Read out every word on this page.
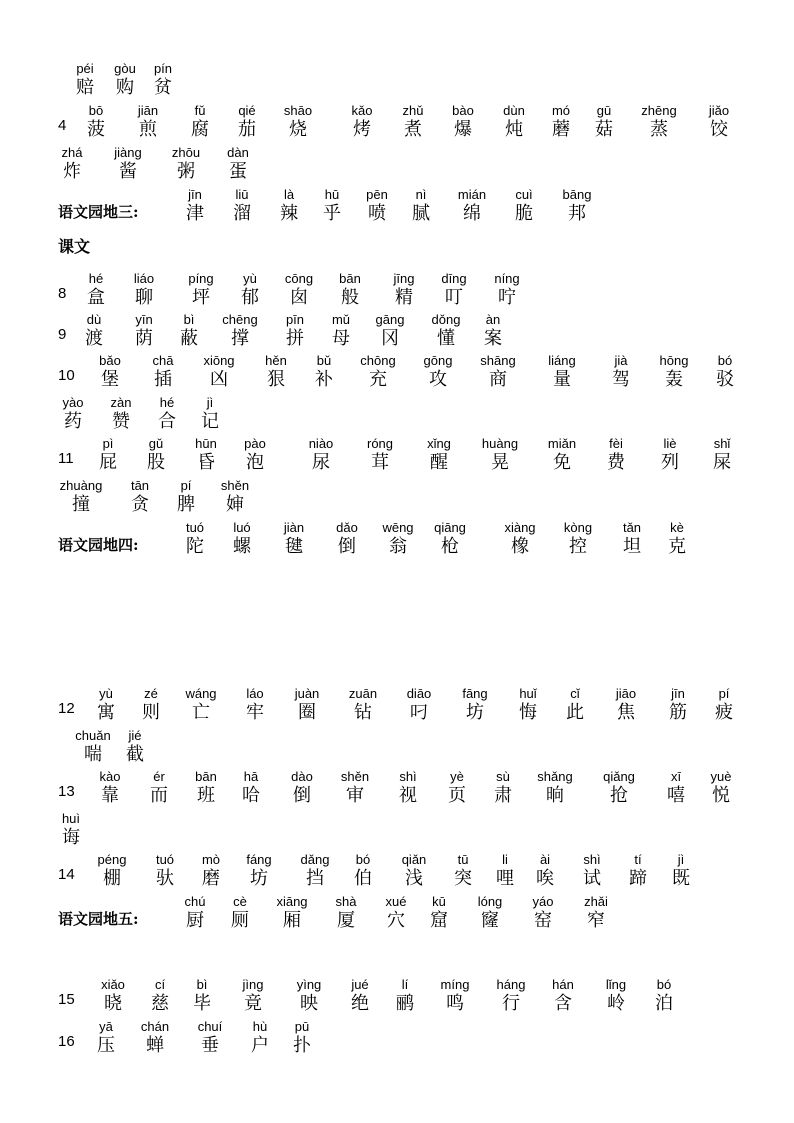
课文
péi
赔
gòu
购
pín
贫
4
bō
菠
jiān
煎
fǔ
腐
qié
茄
shāo
烧
kǎo
烤
zhǔ
煮
bào
爆
dùn
炖
mó
蘑
gū
菇
zhēng
蒸
jiǎo
饺
zhá
炸
jiàng
酱
zhōu
粥
dàn
蛋
语文园地三:
jīn
津
liū
溜
là
辣
hū
乎
pēn
喷
nì
腻
mián
绵
cuì
脆
bāng
邦
8
hé
盒
liáo
聊
píng
坪
yù
郁
cōng
囱
bān
般
jīng
精
dīng
叮
níng
咛
9
dù
渡
yīn
荫
bì
蔽
chēng
撑
pīn
拼
mǔ
母
gāng
冈
dǒng
懂
àn
案
10
bǎo
堡
chā
插
xiōng
凶
hěn
狠
bǔ
补
chōng
充
gōng
攻
shāng
商
liáng
量
jià
驾
hōng
轰
bó
驳
yào
药
zàn
赞
hé
合
jì
记
11
pì
屁
gǔ
股
hūn
昏
pào
泡
niào
尿
róng
茸
xǐng
醒
huàng
晃
miǎn
免
fèi
费
liè
列
shǐ
屎
zhuàng
撞
tān
贪
pí
脾
shěn
婶
语文园地四:
tuó
陀
luó
螺
jiàn
毽
dǎo
倒
wēng
翁
qiāng
枪
xiàng
橡
kòng
控
tǎn
坦
kè
克
12
yù
寓
zé
则
wáng
亡
láo
牢
juàn
圈
zuān
钻
diāo
叼
fāng
坊
huǐ
悔
cǐ
此
jiāo
焦
jīn
筋
pí
疲
chuǎn
喘
jié
截
13
kào
靠
ér
而
bān
班
hā
哈
dào
倒
shěn
审
shì
视
yè
页
sù
肃
shǎng
晌
qiǎng
抢
xī
嘻
yuè
悦
huì
诲
14
péng
棚
tuó
驮
mò
磨
fáng
坊
dǎng
挡
bó
伯
qiǎn
浅
tū
突
li
哩
ài
唉
shì
试
tí
蹄
jì
既
语文园地五:
chú
厨
cè
厕
xiāng
厢
shà
厦
xué
穴
kū
窟
lóng
窿
yáo
窑
zhǎi
窄
15
xiǎo
晓
cí
慈
bì
毕
jìng
竟
yìng
映
jué
绝
lí
鹂
míng
鸣
háng
行
hán
含
lǐng
岭
bó
泊
16
yā
压
chán
蝉
chuí
垂
hù
户
pū
扑
